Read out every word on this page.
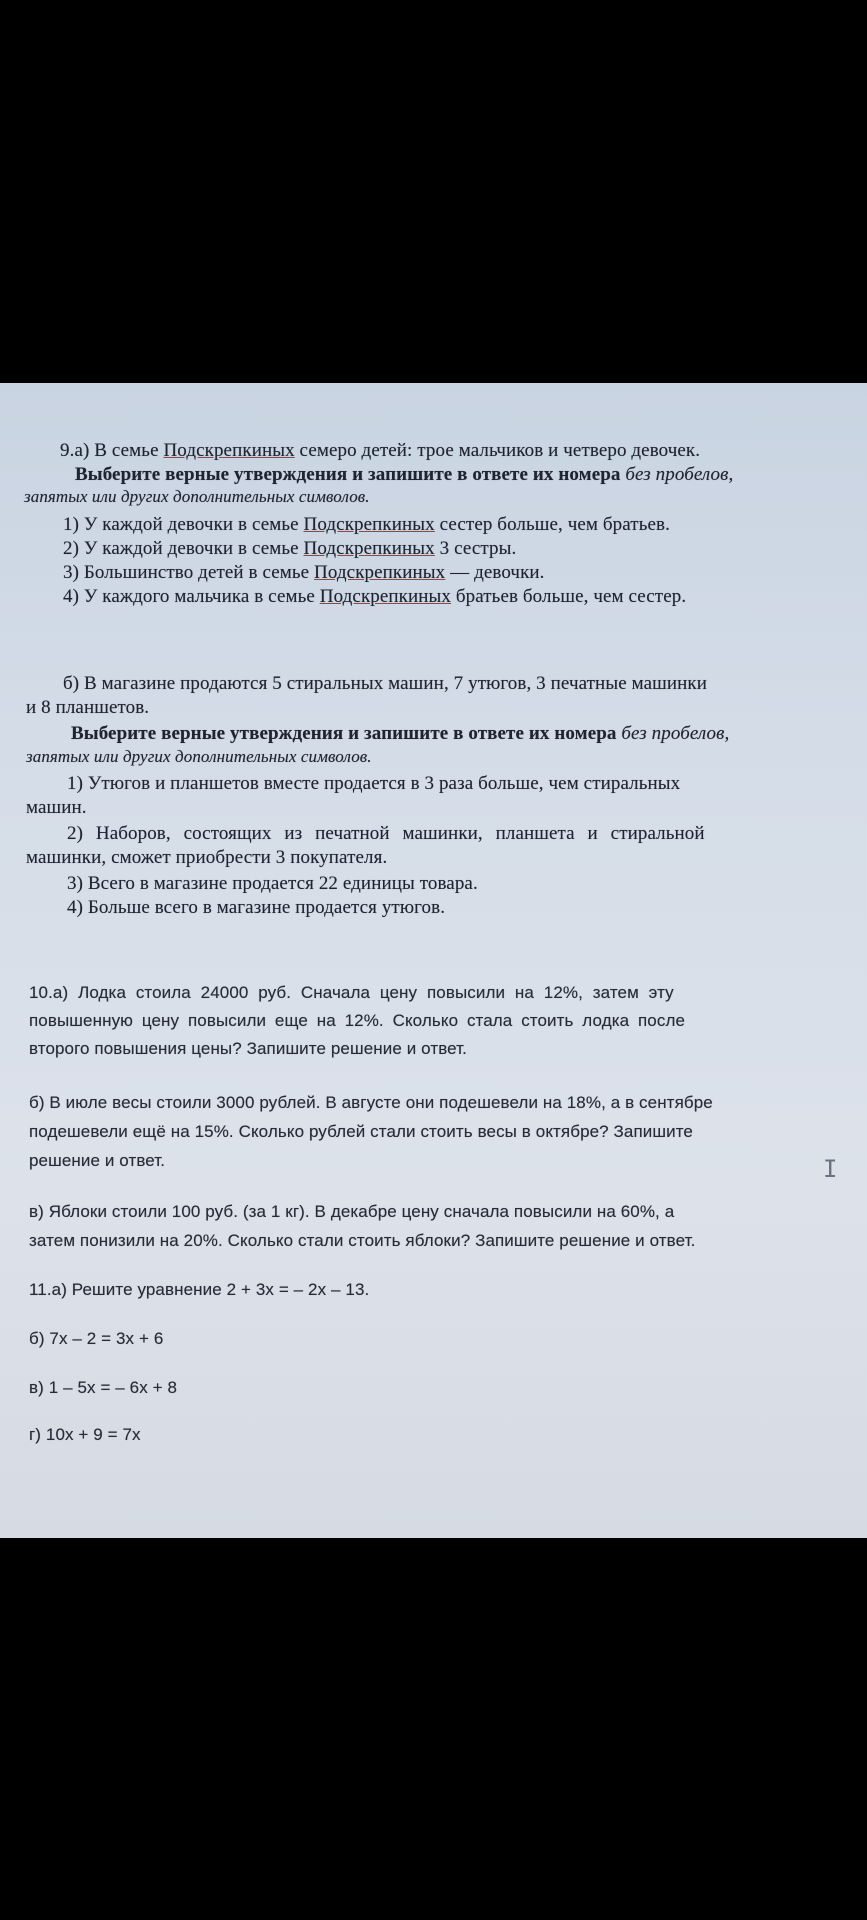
9.а) В семье Подскрепкиных семеро детей: трое мальчиков и четверо девочек.
Выберите верные утверждения и запишите в ответе их номера без пробелов,
запятых или других дополнительных символов.
1) У каждой девочки в семье Подскрепкиных сестер больше, чем братьев.
2) У каждой девочки в семье Подскрепкиных 3 сестры.
3) Большинство детей в семье Подскрепкиных — девочки.
4) У каждого мальчика в семье Подскрепкиных братьев больше, чем сестер.
б) В магазине продаются 5 стиральных машин, 7 утюгов, 3 печатные машинки
и 8 планшетов.
Выберите верные утверждения и запишите в ответе их номера без пробелов,
запятых или других дополнительных символов.
1) Утюгов и планшетов вместе продается в 3 раза больше, чем стиральных
машин.
2) Наборов, состоящих из печатной машинки, планшета и стиральной
машинки, сможет приобрести 3 покупателя.
3) Всего в магазине продается 22 единицы товара.
4) Больше всего в магазине продается утюгов.
10.а) Лодка стоила 24000 руб. Сначала цену повысили на 12%, затем эту
повышенную цену повысили еще на 12%. Сколько стала стоить лодка после
второго повышения цены? Запишите решение и ответ.
б) В июле весы стоили 3000 рублей. В августе они подешевели на 18%, а в сентябре
подешевели ещё на 15%. Сколько рублей стали стоить весы в октябре? Запишите
решение и ответ.	I
в) Яблоки стоили 100 руб. (за 1 кг). В декабре цену сначала повысили на 60%, а
затем понизили на 20%. Сколько стали стоить яблоки? Запишите решение и ответ.
11.а) Решите уравнение 2 + 3x = – 2x – 13.
б) 7x – 2 = 3x + 6
в) 1 – 5x = – 6x + 8
г) 10x + 9 = 7x
